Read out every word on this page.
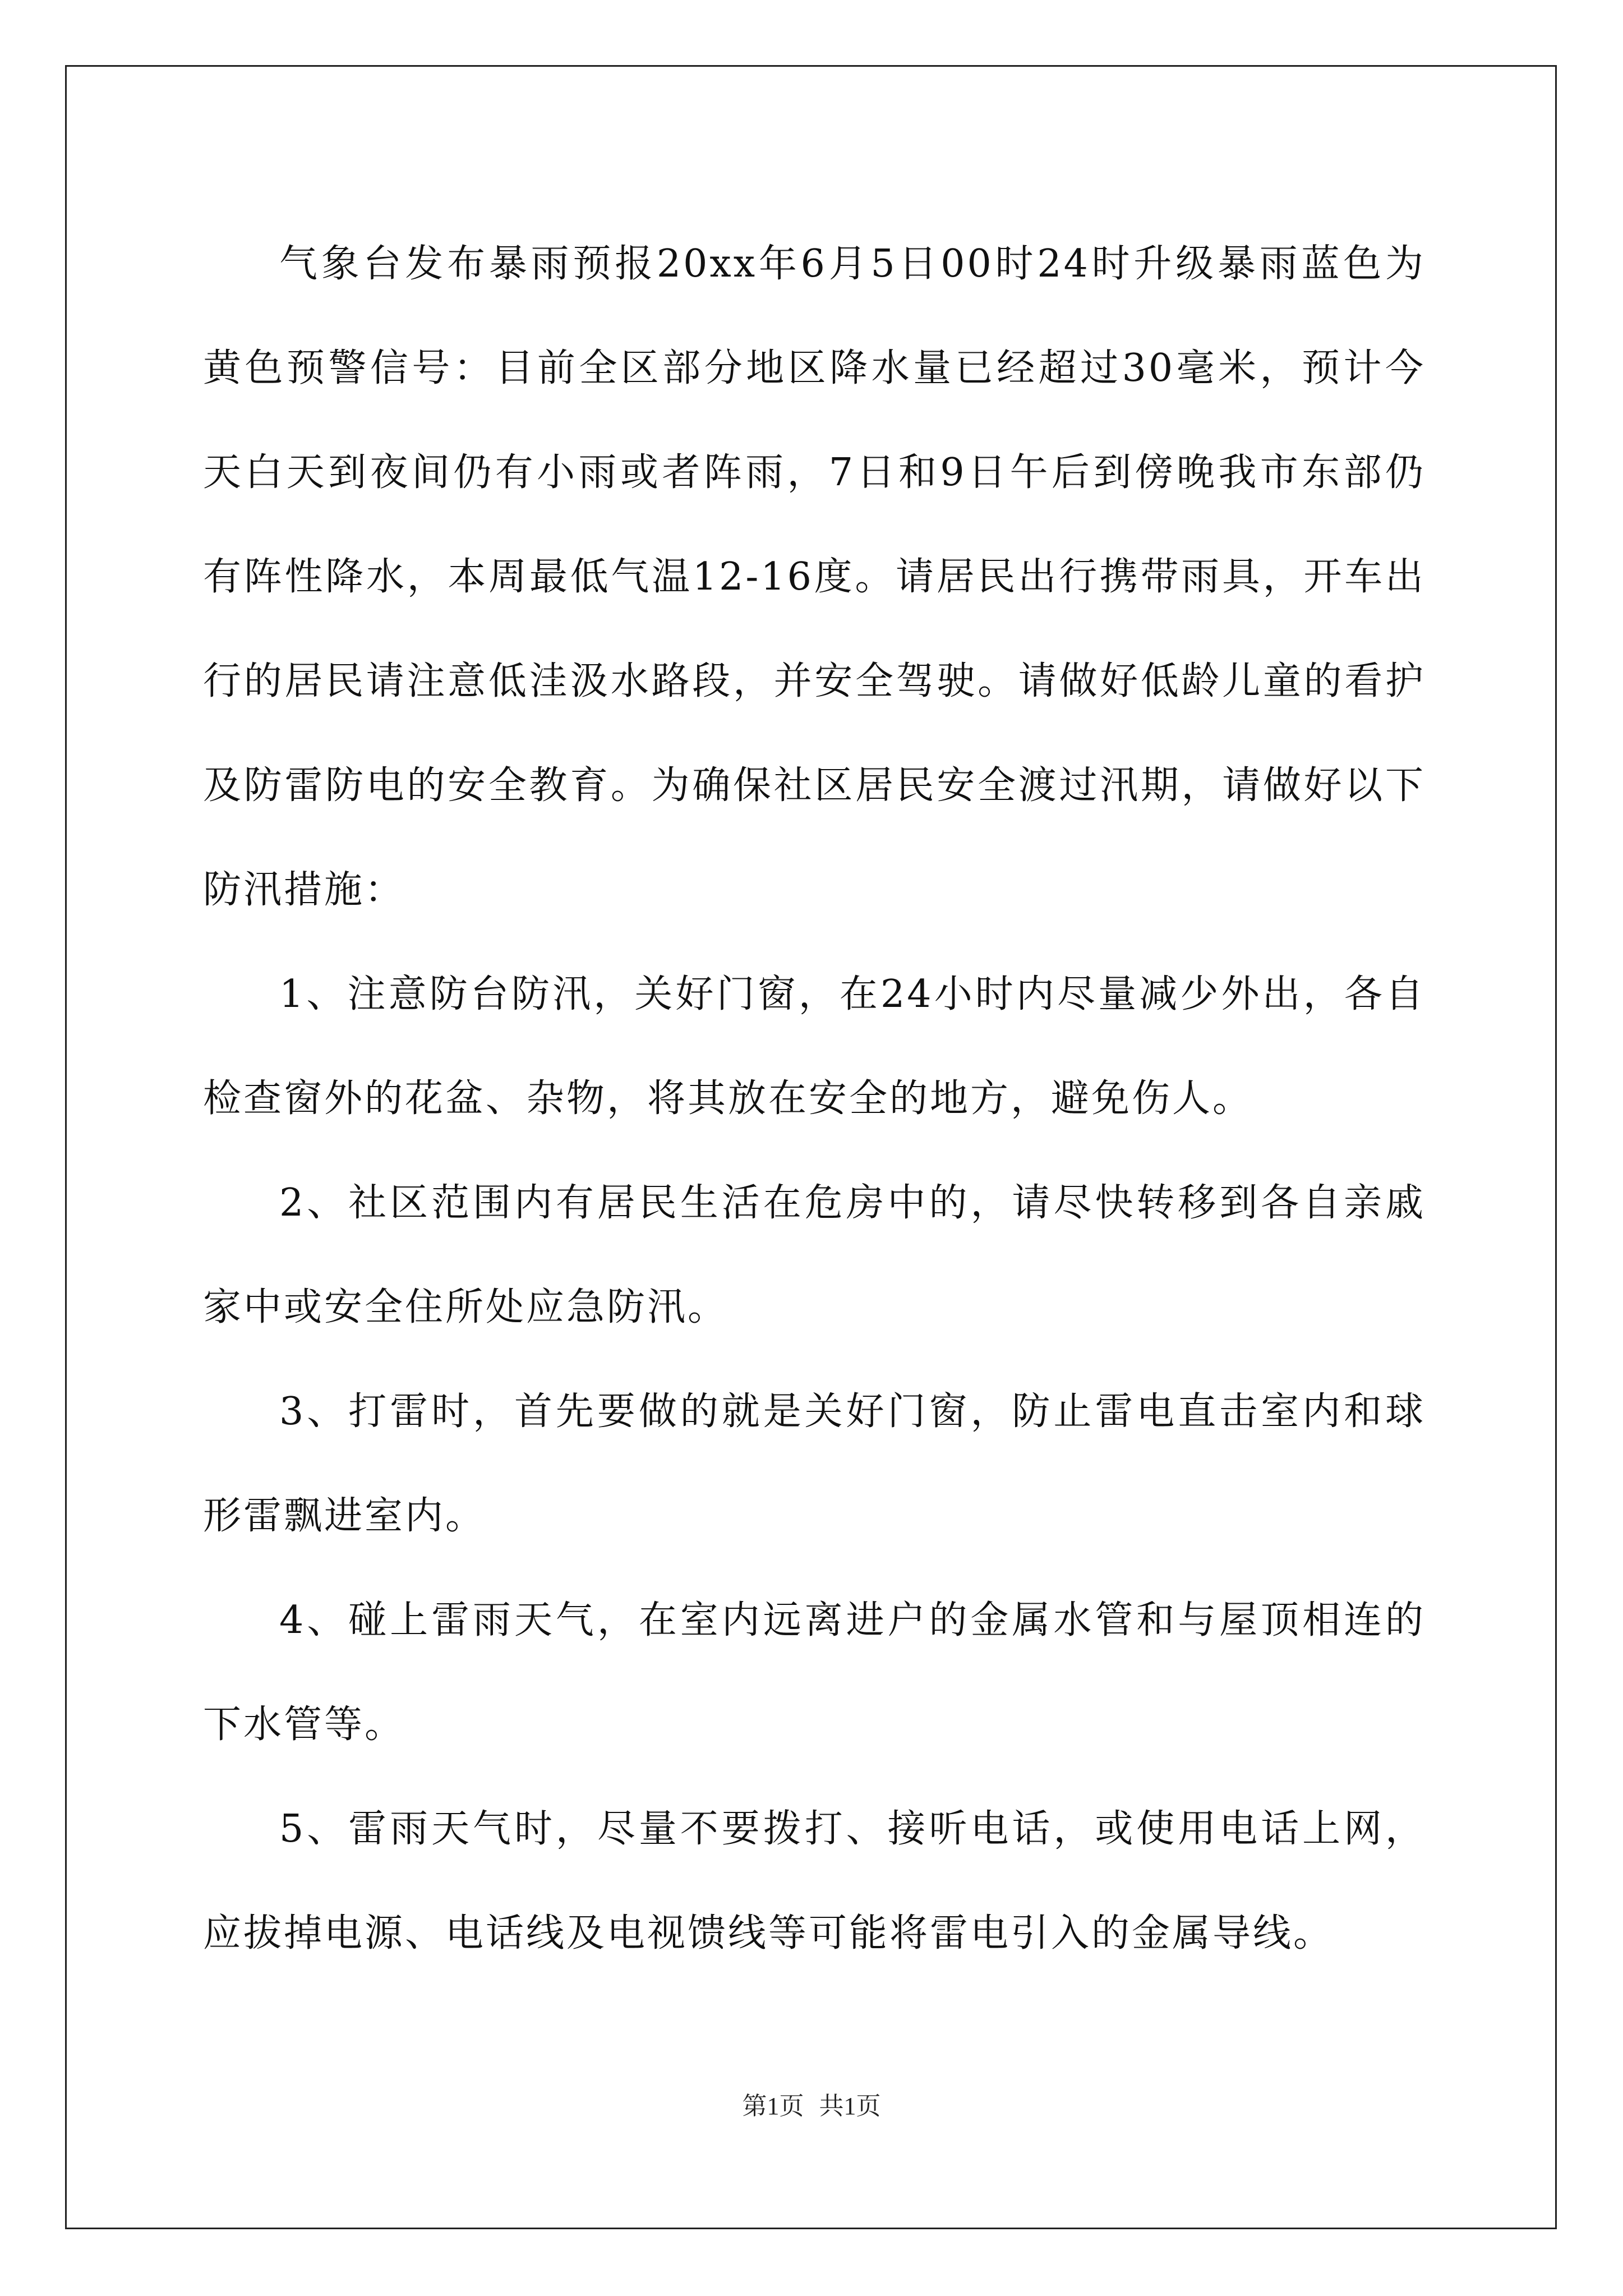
气象台发布暴雨预报20xx年6月5日00时24时升级暴雨蓝色为黄色预警信号：目前全区部分地区降水量已经超过30毫米，预计今天白天到夜间仍有小雨或者阵雨，7日和9日午后到傍晚我市东部仍有阵性降水，本周最低气温12-16度。请居民出行携带雨具，开车出行的居民请注意低洼汲水路段，并安全驾驶。请做好低龄儿童的看护及防雷防电的安全教育。为确保社区居民安全渡过汛期，请做好以下防汛措施：

1、注意防台防汛，关好门窗，在24小时内尽量减少外出，各自检查窗外的花盆、杂物，将其放在安全的地方，避免伤人。

2、社区范围内有居民生活在危房中的，请尽快转移到各自亲戚家中或安全住所处应急防汛。

3、打雷时，首先要做的就是关好门窗，防止雷电直击室内和球形雷飘进室内。

4、碰上雷雨天气，在室内远离进户的金属水管和与屋顶相连的下水管等。

5、雷雨天气时，尽量不要拨打、接听电话，或使用电话上网，应拔掉电源、电话线及电视馈线等可能将雷电引入的金属导线。

第1页 共1页
